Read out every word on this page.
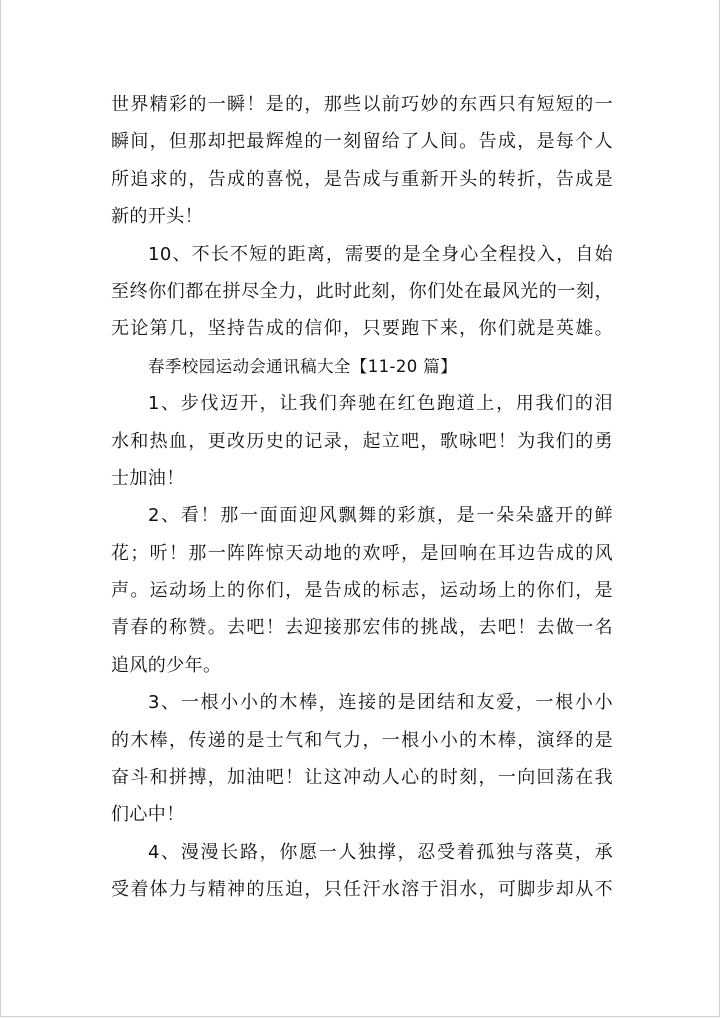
世界精彩的一瞬！是的，那些以前巧妙的东西只有短短的一
瞬间，但那却把最辉煌的一刻留给了人间。告成，是每个人
所追求的，告成的喜悦，是告成与重新开头的转折，告成是
新的开头！
10、不长不短的距离，需要的是全身心全程投入，自始
至终你们都在拼尽全力，此时此刻，你们处在最风光的一刻，
无论第几，坚持告成的信仰，只要跑下来，你们就是英雄。
春季校园运动会通讯稿大全【11-20 篇】
1、步伐迈开，让我们奔驰在红色跑道上，用我们的泪
水和热血，更改历史的记录，起立吧，歌咏吧！为我们的勇
士加油！
2、看！那一面面迎风飘舞的彩旗，是一朵朵盛开的鲜
花；听！那一阵阵惊天动地的欢呼，是回响在耳边告成的风
声。运动场上的你们，是告成的标志，运动场上的你们，是
青春的称赞。去吧！去迎接那宏伟的挑战，去吧！去做一名
追风的少年。
3、一根小小的木棒，连接的是团结和友爱，一根小小
的木棒，传递的是士气和气力，一根小小的木棒，演绎的是
奋斗和拼搏，加油吧！让这冲动人心的时刻，一向回荡在我
们心中！
4、漫漫长路，你愿一人独撑，忍受着孤独与落莫，承
受着体力与精神的压迫，只任汗水溶于泪水，可脚步却从不
